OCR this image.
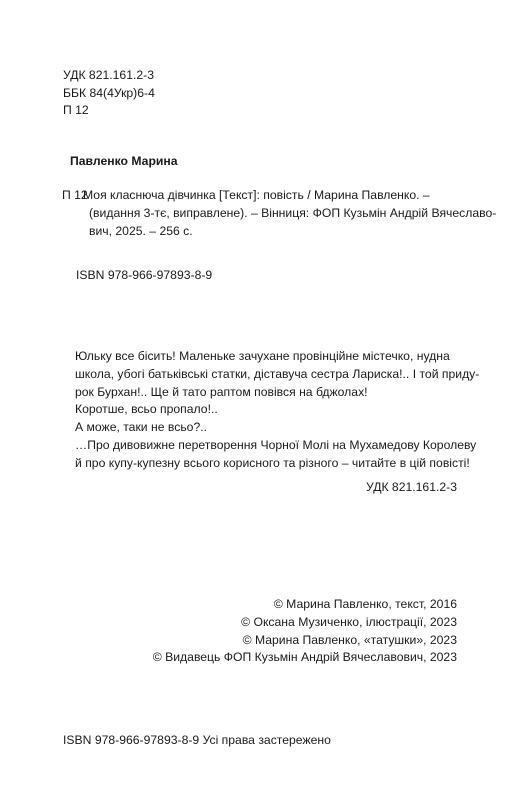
УДК 821.161.2-3
ББК 84(4Укр)6-4
П 12
Павленко Марина
П 12
Моя класнюча дівчинка [Текст]: повість / Марина Павленко. –
(видання 3-тє, виправлене). – Вінниця: ФОП Кузьмін Андрій Вячеславо-
вич, 2025. – 256 с.
ISBN 978-966-97893-8-9
Юльку все бісить! Маленьке зачухане провінційне містечко, нудна
школа, убогі батьківські статки, діставуча сестра Лариска!.. І той приду-
рок Бурхан!.. Ще й тато раптом повівся на бджолах!
Коротше, всьо пропало!..
А може, таки не всьо?..
…Про дивовижне перетворення Чорної Молі на Мухамедову Королеву
й про купу-купезну всього корисного та різного – читайте в цій повісті!
УДК 821.161.2-3
© Марина Павленко, текст, 2016
© Оксана Музиченко, ілюстрації, 2023
© Марина Павленко, «татушки», 2023
© Видавець ФОП Кузьмін Андрій Вячеславович, 2023
ISBN 978-966-97893-8-9 Усі права застережено
